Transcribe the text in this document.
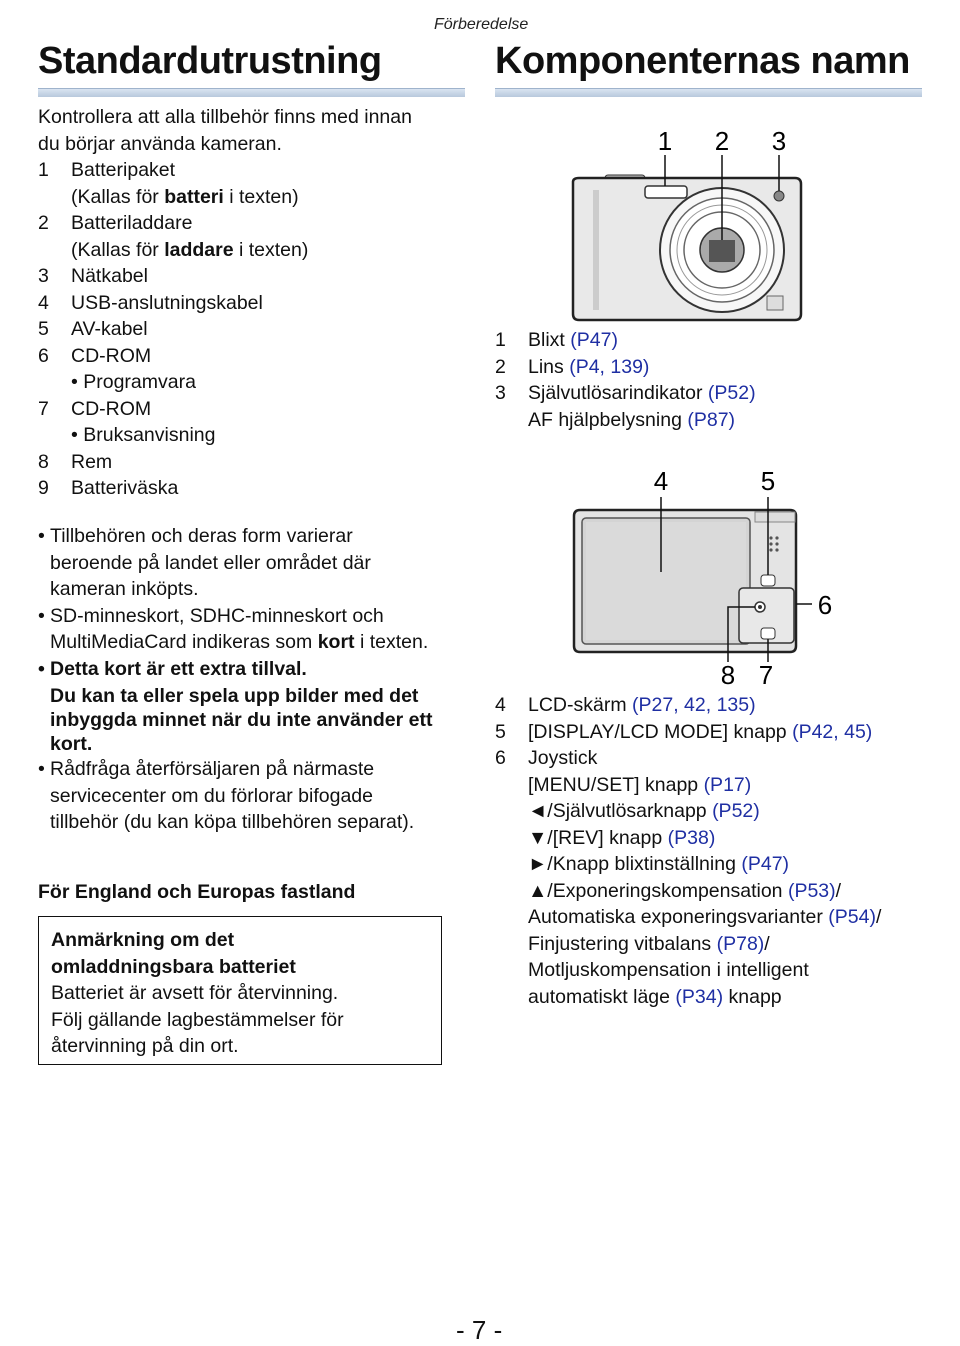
Förberedelse
Standardutrustning
Kontrollera att alla tillbehör finns med innan
du börjar använda kameran.
1 Batteripaket
(Kallas för batteri i texten)
2 Batteriladdare
(Kallas för laddare i texten)
3 Nätkabel
4 USB-anslutningskabel
5 AV-kabel
6 CD-ROM
• Programvara
7 CD-ROM
• Bruksanvisning
8 Rem
9 Batteriväska
• Tillbehören och deras form varierar
beroende på landet eller området där
kameran inköpts.
• SD-minneskort, SDHC-minneskort och
MultiMediaCard indikeras som kort i texten.
• Detta kort är ett extra tillval.
Du kan ta eller spela upp bilder med det
inbyggda minnet när du inte använder ett
kort.
• Rådfråga återförsäljaren på närmaste
servicecenter om du förlorar bifogade
tillbehör (du kan köpa tillbehören separat).
För England och Europas fastland
Anmärkning om det
omladdningsbara batteriet
Batteriet är avsett för återvinning.
Följ gällande lagbestämmelser för
återvinning på din ort.
Komponenternas namn
1 2 3
1	Blixt (P47)
2	Lins (P4, 139)
3	Självutlösarindikator (P52)
AF hjälpbelysning (P87)
4	5
6
8 7
4	LCD-skärm (P27, 42, 135)
5	[DISPLAY/LCD MODE] knapp (P42, 45)
6	Joystick
[MENU/SET] knapp (P17)
◄/Självutlösarknapp (P52)
▼/[REV] knapp (P38)
►/Knapp blixtinställning (P47)
▲/Exponeringskompensation (P53)/
Automatiska exponeringsvarianter (P54)/
Finjustering vitbalans (P78)/
Motljuskompensation i intelligent
automatiskt läge (P34) knapp
- 7 -
